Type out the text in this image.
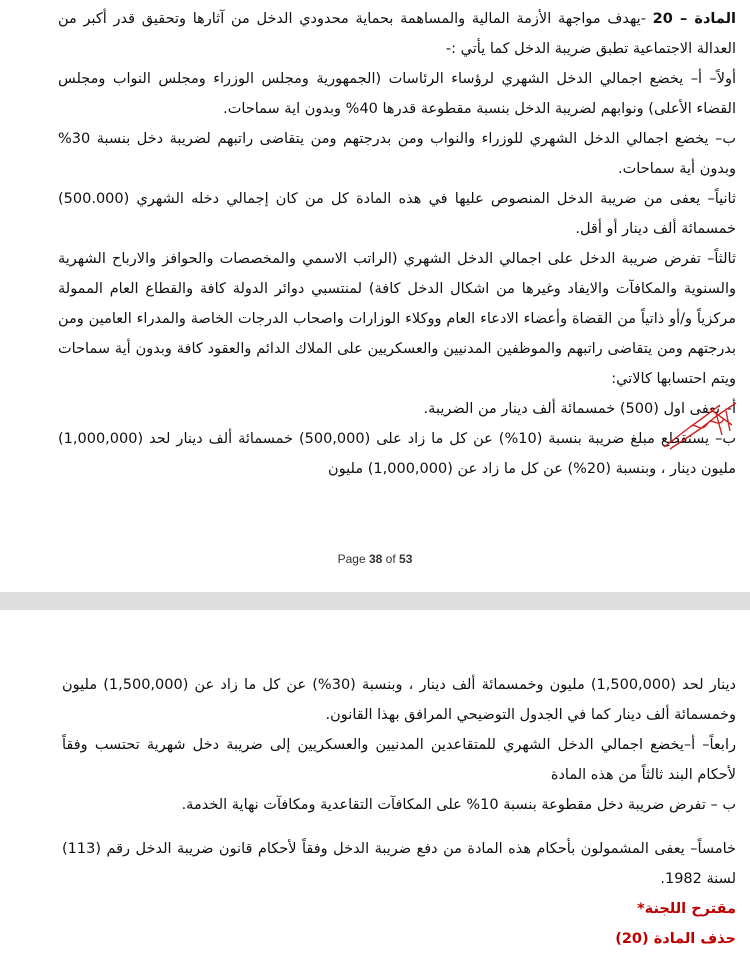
المادة – 20 -يهدف مواجهة الأزمة المالية والمساهمة بحماية محدودي الدخل من آثارها وتحقيق قدر أكبر من العدالة الاجتماعية تطبق ضريبة الدخل كما يأتي :-
أولاً– أ– يخضع اجمالي الدخل الشهري لرؤساء الرئاسات (الجمهورية ومجلس الوزراء ومجلس النواب ومجلس القضاء الأعلى) ونوابهم لضريبة الدخل بنسبة مقطوعة قدرها 40% وبدون اية سماحات.
ب– يخضع اجمالي الدخل الشهري للوزراء والنواب ومن بدرجتهم ومن يتقاضى راتبهم لضريبة دخل بنسبة 30% وبدون أية سماحات.
ثانياً– يعفى من ضريبة الدخل المنصوص عليها في هذه المادة كل من كان إجمالي دخله الشهري (500.000) خمسمائة ألف دينار أو أقل.
ثالثاً– تفرض ضريبة الدخل على اجمالي الدخل الشهري (الراتب الاسمي والمخصصات والحوافز والارباح الشهرية والسنوية والمكافآت والايفاد وغيرها من اشكال الدخل كافة) لمنتسبي دوائر الدولة كافة والقطاع العام الممولة مركزياً و/أو ذاتياً من القضاة وأعضاء الادعاء العام ووكلاء الوزارات واصحاب الدرجات الخاصة والمدراء العامين ومن بدرجتهم ومن يتقاضى راتبهم والموظفين المدنيين والعسكريين على الملاك الدائم والعقود كافة وبدون أية سماحات ويتم احتسابها كالاتي:
أ– تعفى اول (500) خمسمائة ألف دينار من الضريبة.
ب– يستقطع مبلغ ضريبة بنسبة (10%) عن كل ما زاد على (500,000) خمسمائة ألف دينار لحد (1,000,000) مليون دينار ، وبنسبة (20%) عن كل ما زاد عن (1,000,000) مليون
Page 38 of 53
دينار لحد (1,500,000) مليون وخمسمائة ألف دينار ، وبنسبة (30%) عن كل ما زاد عن (1,500,000) مليون وخمسمائة ألف دينار كما في الجدول التوضيحي المرافق بهذا القانون.
رابعاً– أ–يخضع اجمالي الدخل الشهري للمتقاعدين المدنيين والعسكريين إلى ضريبة دخل شهرية تحتسب وفقاً لأحكام البند ثالثاً من هذه المادة
ب – تفرض ضريبة دخل مقطوعة بنسبة 10% على المكافآت التقاعدية ومكافآت نهاية الخدمة.
خامساً– يعفى المشمولون بأحكام هذه المادة من دفع ضريبة الدخل وفقاً لأحكام قانون ضريبة الدخل رقم (113) لسنة 1982.
مقترح اللجنة*
حذف المادة (20)
